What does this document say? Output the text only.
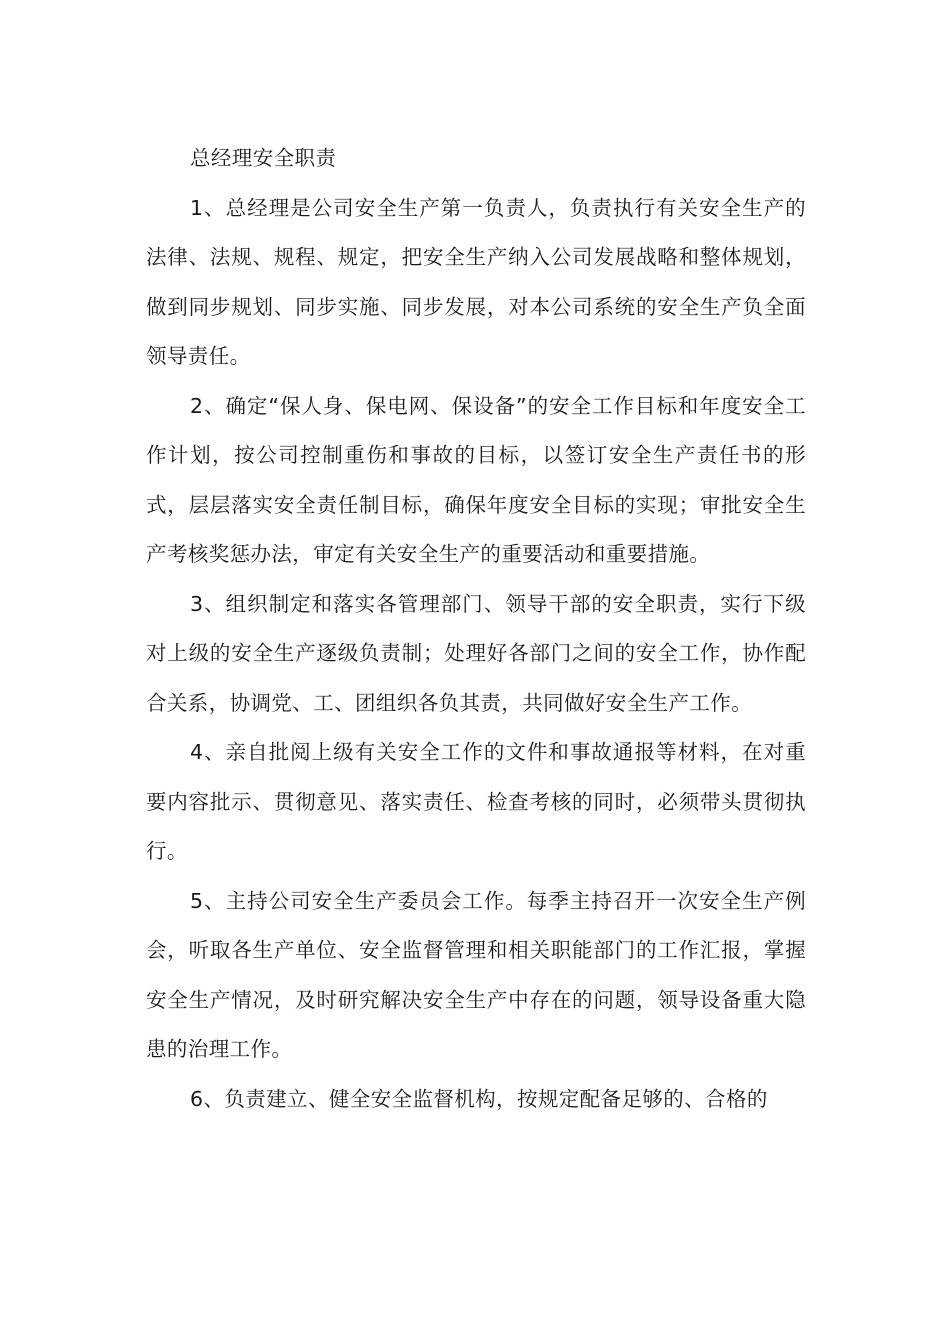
总经理安全职责

1、总经理是公司安全生产第一负责人，负责执行有关安全生产的法律、法规、规程、规定，把安全生产纳入公司发展战略和整体规划，做到同步规划、同步实施、同步发展，对本公司系统的安全生产负全面领导责任。

2、确定“保人身、保电网、保设备”的安全工作目标和年度安全工作计划，按公司控制重伤和事故的目标，以签订安全生产责任书的形式，层层落实安全责任制目标，确保年度安全目标的实现；审批安全生产考核奖惩办法，审定有关安全生产的重要活动和重要措施。

3、组织制定和落实各管理部门、领导干部的安全职责，实行下级对上级的安全生产逐级负责制；处理好各部门之间的安全工作，协作配合关系，协调党、工、团组织各负其责，共同做好安全生产工作。

4、亲自批阅上级有关安全工作的文件和事故通报等材料，在对重要内容批示、贯彻意见、落实责任、检查考核的同时，必须带头贯彻执行。

5、主持公司安全生产委员会工作。每季主持召开一次安全生产例会，听取各生产单位、安全监督管理和相关职能部门的工作汇报，掌握安全生产情况，及时研究解决安全生产中存在的问题，领导设备重大隐患的治理工作。

6、负责建立、健全安全监督机构，按规定配备足够的、合格的
